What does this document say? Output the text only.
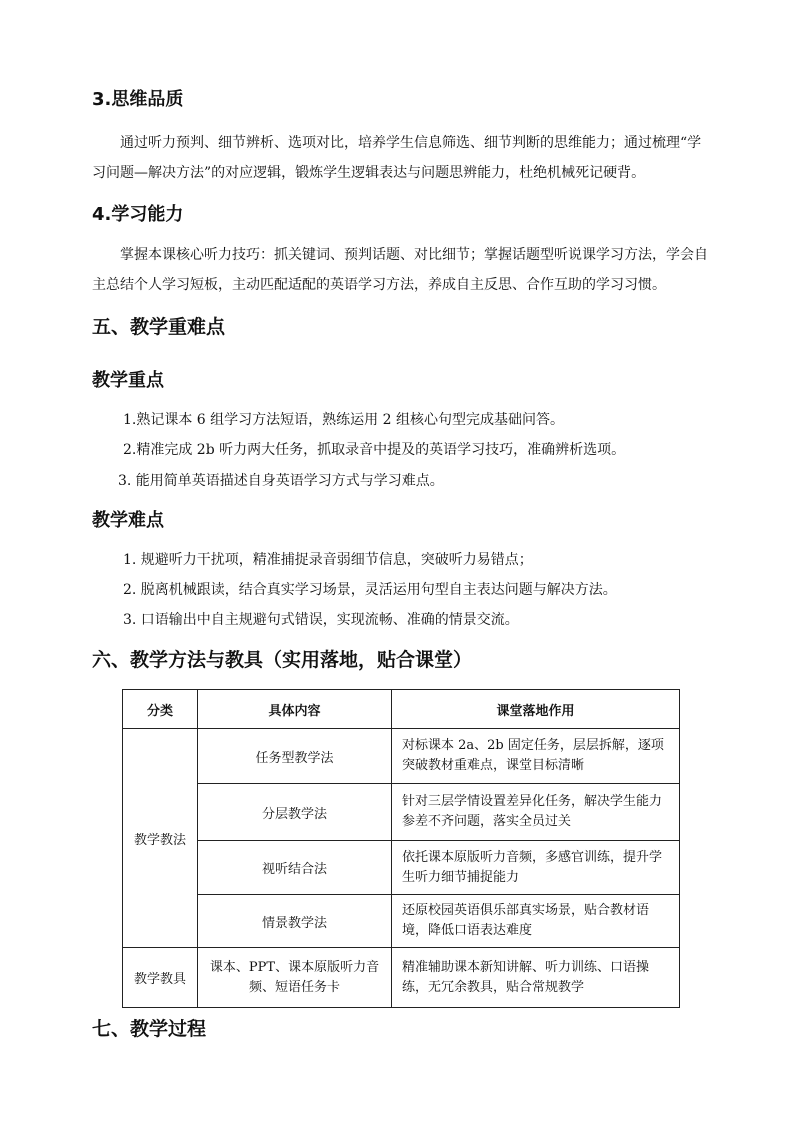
3.思维品质
通过听力预判、细节辨析、选项对比，培养学生信息筛选、细节判断的思维能力；通过梳理“学习问题—解决方法”的对应逻辑，锻炼学生逻辑表达与问题思辨能力，杜绝机械死记硬背。
4.学习能力
掌握本课核心听力技巧：抓关键词、预判话题、对比细节；掌握话题型听说课学习方法，学会自主总结个人学习短板，主动匹配适配的英语学习方法，养成自主反思、合作互助的学习习惯。
五、教学重难点
教学重点
1.熟记课本 6 组学习方法短语，熟练运用 2 组核心句型完成基础问答。
2.精准完成 2b 听力两大任务，抓取录音中提及的英语学习技巧，准确辨析选项。
3. 能用简单英语描述自身英语学习方式与学习难点。
教学难点
1. 规避听力干扰项，精准捕捉录音弱细节信息，突破听力易错点；
2. 脱离机械跟读，结合真实学习场景，灵活运用句型自主表达问题与解决方法。
3. 口语输出中自主规避句式错误，实现流畅、准确的情景交流。
六、教学方法与教具（实用落地，贴合课堂）
分类	具体内容	课堂落地作用
教学教法	任务型教学法	对标课本 2a、2b 固定任务，层层拆解，逐项突破教材重难点，课堂目标清晰
	分层教学法	针对三层学情设置差异化任务，解决学生能力参差不齐问题，落实全员过关
	视听结合法	依托课本原版听力音频，多感官训练，提升学生听力细节捕捉能力
	情景教学法	还原校园英语俱乐部真实场景，贴合教材语境，降低口语表达难度
教学教具	课本、PPT、课本原版听力音频、短语任务卡	精准辅助课本新知讲解、听力训练、口语操练，无冗余教具，贴合常规教学
七、教学过程
